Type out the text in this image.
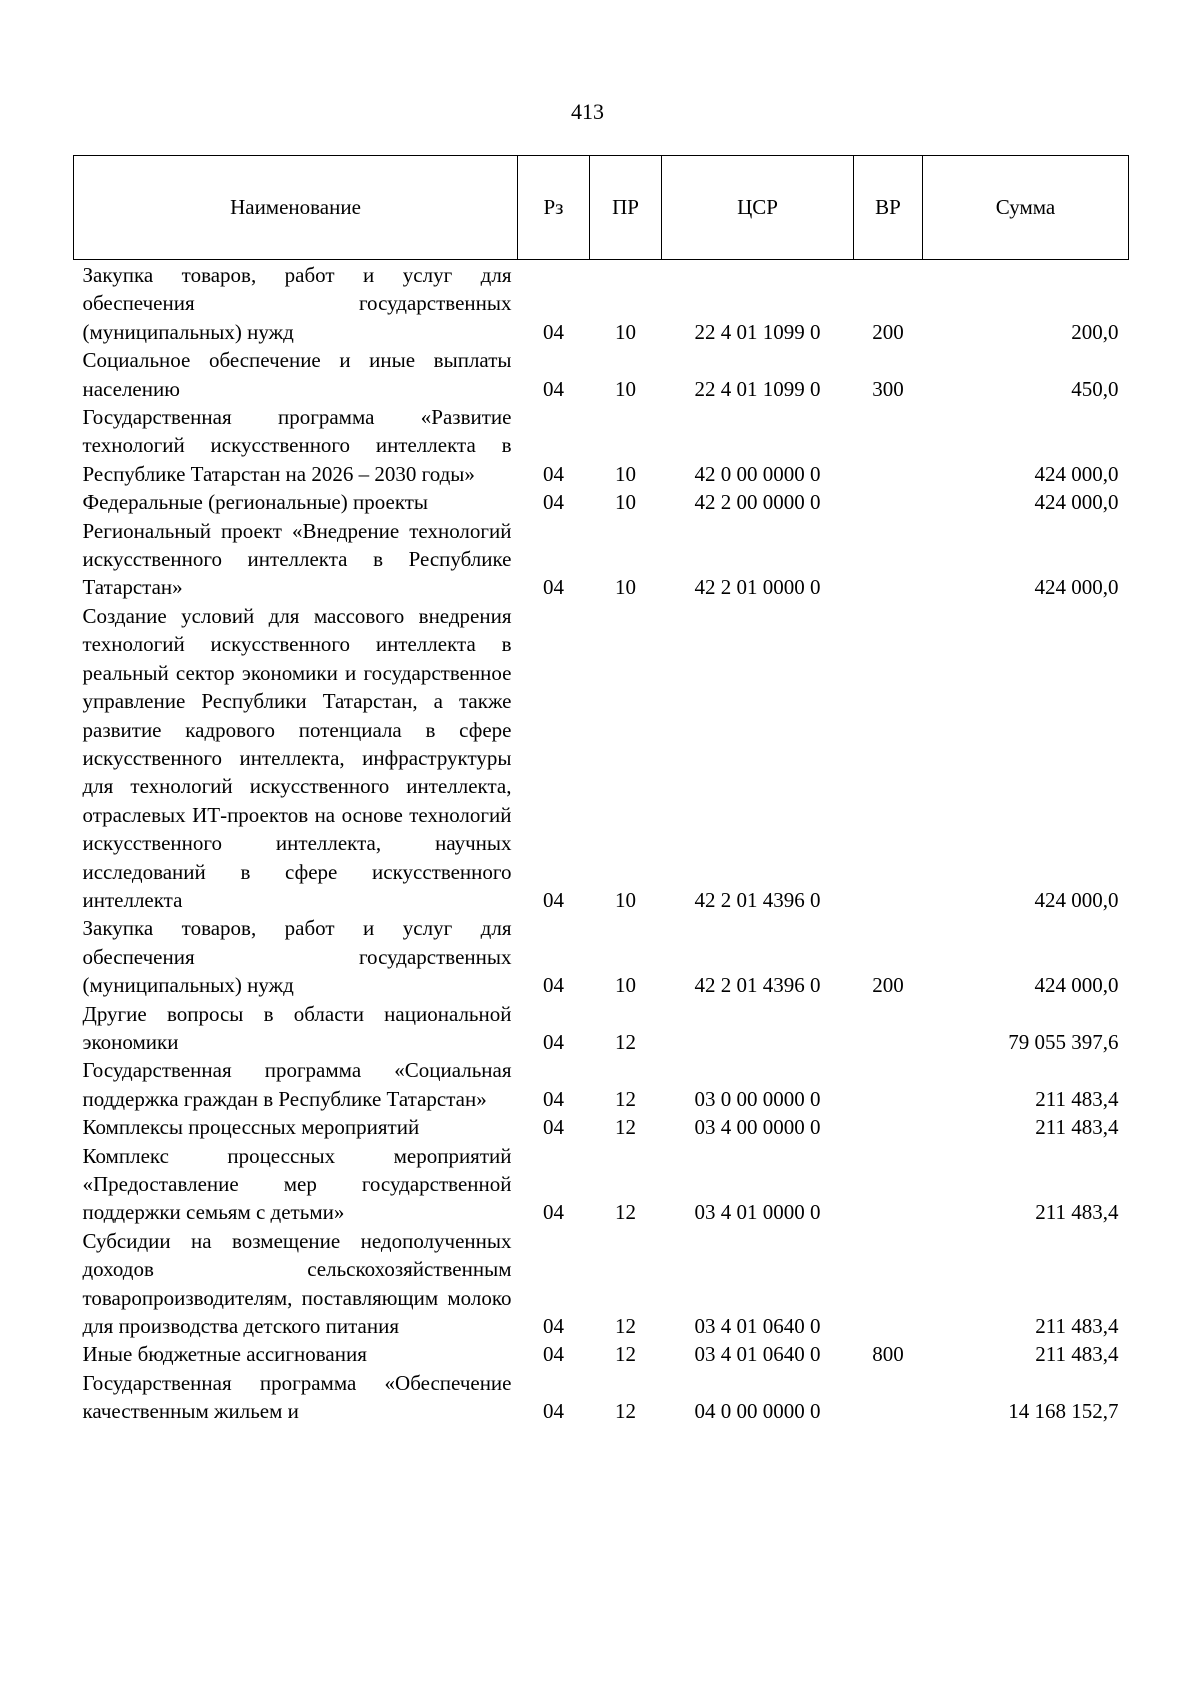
413
Наименование	Рз	ПР	ЦСР	ВР	Сумма
Закупка товаров, работ и услуг для обеспечения государственных (муниципальных) нужд	04	10	22 4 01 1099 0	200	200,0
Социальное обеспечение и иные выплаты населению	04	10	22 4 01 1099 0	300	450,0
Государственная программа «Развитие технологий искусственного интеллекта в Республике Татарстан на 2026 – 2030 годы»	04	10	42 0 00 0000 0		424 000,0
Федеральные (региональные) проекты	04	10	42 2 00 0000 0		424 000,0
Региональный проект «Внедрение технологий искусственного интеллекта в Республике Татарстан»	04	10	42 2 01 0000 0		424 000,0
Создание условий для массового внедрения технологий искусственного интеллекта в реальный сектор экономики и государственное управление Республики Татарстан, а также развитие кадрового потенциала в сфере искусственного интеллекта, инфраструктуры для технологий искусственного интеллекта, отраслевых ИТ-проектов на основе технологий искусственного интеллекта, научных исследований в сфере искусственного интеллекта	04	10	42 2 01 4396 0		424 000,0
Закупка товаров, работ и услуг для обеспечения государственных (муниципальных) нужд	04	10	42 2 01 4396 0	200	424 000,0
Другие вопросы в области национальной экономики	04	12			79 055 397,6
Государственная программа «Социальная поддержка граждан в Республике Татарстан»	04	12	03 0 00 0000 0		211 483,4
Комплексы процессных мероприятий	04	12	03 4 00 0000 0		211 483,4
Комплекс процессных мероприятий «Предоставление мер государственной поддержки семьям с детьми»	04	12	03 4 01 0000 0		211 483,4
Субсидии на возмещение недополученных доходов сельскохозяйственным товаропроизводителям, поставляющим молоко для производства детского питания	04	12	03 4 01 0640 0		211 483,4
Иные бюджетные ассигнования	04	12	03 4 01 0640 0	800	211 483,4
Государственная программа «Обеспечение качественным жильем и	04	12	04 0 00 0000 0		14 168 152,7
